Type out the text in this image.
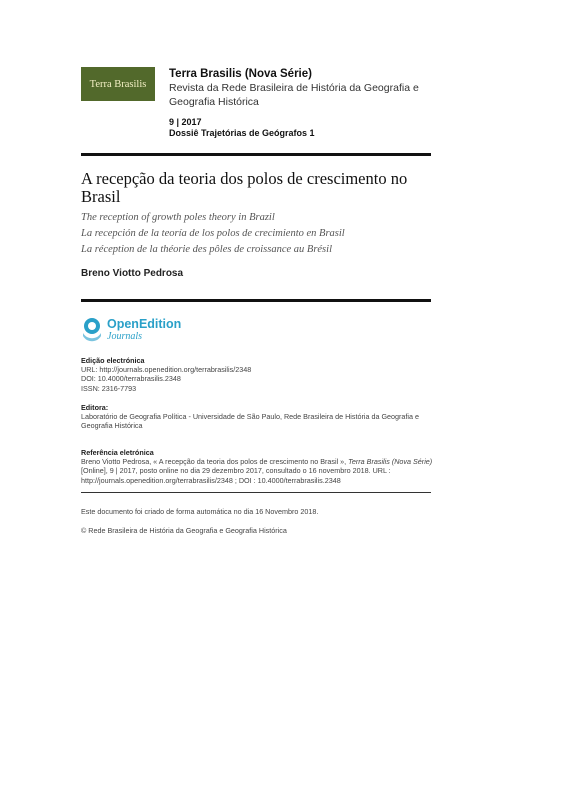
Terra Brasilis
Terra Brasilis (Nova Série)
Revista da Rede Brasileira de História da Geografia e Geografia Histórica
9 | 2017
Dossiê Trajetórias de Geógrafos 1
A recepção da teoria dos polos de crescimento no Brasil
The reception of growth poles theory in Brazil
La recepción de la teoría de los polos de crecimiento en Brasil
La réception de la théorie des pôles de croissance au Brésil
Breno Viotto Pedrosa
OpenEdition
Journals
Edição electrónica
URL: http://journals.openedition.org/terrabrasilis/2348
DOI: 10.4000/terrabrasilis.2348
ISSN: 2316-7793
Editora:
Laboratório de Geografia Política - Universidade de São Paulo, Rede Brasileira de História da Geografia e Geografia Histórica
Referência eletrónica
Breno Viotto Pedrosa, « A recepção da teoria dos polos de crescimento no Brasil », Terra Brasilis (Nova Série) [Online], 9 | 2017, posto online no dia 29 dezembro 2017, consultado o 16 novembro 2018. URL : http://journals.openedition.org/terrabrasilis/2348 ; DOI : 10.4000/terrabrasilis.2348
Este documento foi criado de forma automática no dia 16 Novembro 2018.
© Rede Brasileira de História da Geografia e Geografia Histórica
